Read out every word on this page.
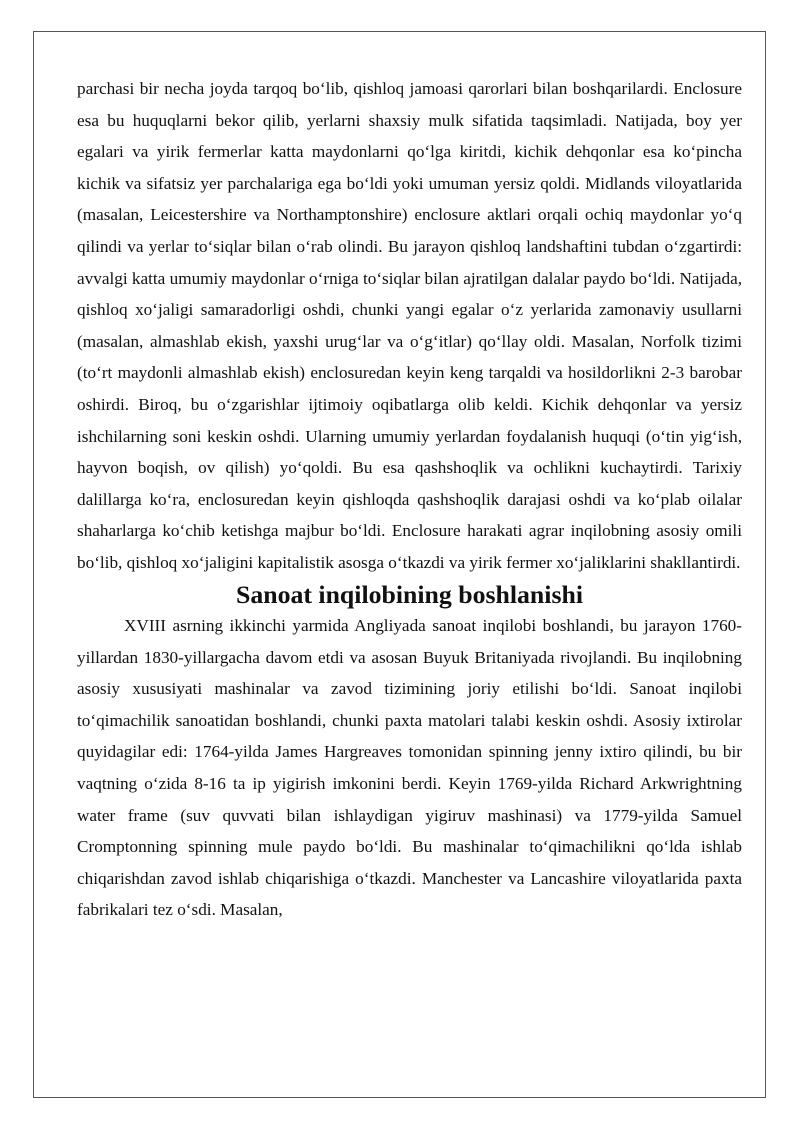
parchasi bir necha joyda tarqoq bo‘lib, qishloq jamoasi qarorlari bilan boshqarilardi. Enclosure esa bu huquqlarni bekor qilib, yerlarni shaxsiy mulk sifatida taqsimladi. Natijada, boy yer egalari va yirik fermerlar katta maydonlarni qo‘lga kiritdi, kichik dehqonlar esa ko‘pincha kichik va sifatsiz yer parchalariga ega bo‘ldi yoki umuman yersiz qoldi. Midlands viloyatlarida (masalan, Leicestershire va Northamptonshire) enclosure aktlari orqali ochiq maydonlar yo‘q qilindi va yerlar to‘siqlar bilan o‘rab olindi. Bu jarayon qishloq landshaftini tubdan o‘zgartirdi: avvalgi katta umumiy maydonlar o‘rniga to‘siqlar bilan ajratilgan dalalar paydo bo‘ldi. Natijada, qishloq xo‘jaligi samaradorligi oshdi, chunki yangi egalar o‘z yerlarida zamonaviy usullarni (masalan, almashlab ekish, yaxshi urug‘lar va o‘g‘itlar) qo‘llay oldi. Masalan, Norfolk tizimi (to‘rt maydonli almashlab ekish) enclosuredan keyin keng tarqaldi va hosildorlikni 2-3 barobar oshirdi. Biroq, bu o‘zgarishlar ijtimoiy oqibatlarga olib keldi. Kichik dehqonlar va yersiz ishchilarning soni keskin oshdi. Ularning umumiy yerlardan foydalanish huquqi (o‘tin yig‘ish, hayvon boqish, ov qilish) yo‘qoldi. Bu esa qashshoqlik va ochlikni kuchaytirdi. Tarixiy dalillarga ko‘ra, enclosuredan keyin qishloqda qashshoqlik darajasi oshdi va ko‘plab oilalar shaharlarga ko‘chib ketishga majbur bo‘ldi. Enclosure harakati agrar inqilobning asosiy omili bo‘lib, qishloq xo‘jaligini kapitalistik asosga o‘tkazdi va yirik fermer xo‘jaliklarini shakllantirdi.

Sanoat inqilobining boshlanishi

XVIII asrning ikkinchi yarmida Angliyada sanoat inqilobi boshlandi, bu jarayon 1760-yillardan 1830-yillargacha davom etdi va asosan Buyuk Britaniyada rivojlandi. Bu inqilobning asosiy xususiyati mashinalar va zavod tizimining joriy etilishi bo‘ldi. Sanoat inqilobi to‘qimachilik sanoatidan boshlandi, chunki paxta matolari talabi keskin oshdi. Asosiy ixtirolar quyidagilar edi: 1764-yilda James Hargreaves tomonidan spinning jenny ixtiro qilindi, bu bir vaqtning o‘zida 8-16 ta ip yigirish imkonini berdi. Keyin 1769-yilda Richard Arkwrightning water frame (suv quvvati bilan ishlaydigan yigiruv mashinasi) va 1779-yilda Samuel Cromptonning spinning mule paydo bo‘ldi. Bu mashinalar to‘qimachilikni qo‘lda ishlab chiqarishdan zavod ishlab chiqarishiga o‘tkazdi. Manchester va Lancashire viloyatlarida paxta fabrikalari tez o‘sdi. Masalan,
